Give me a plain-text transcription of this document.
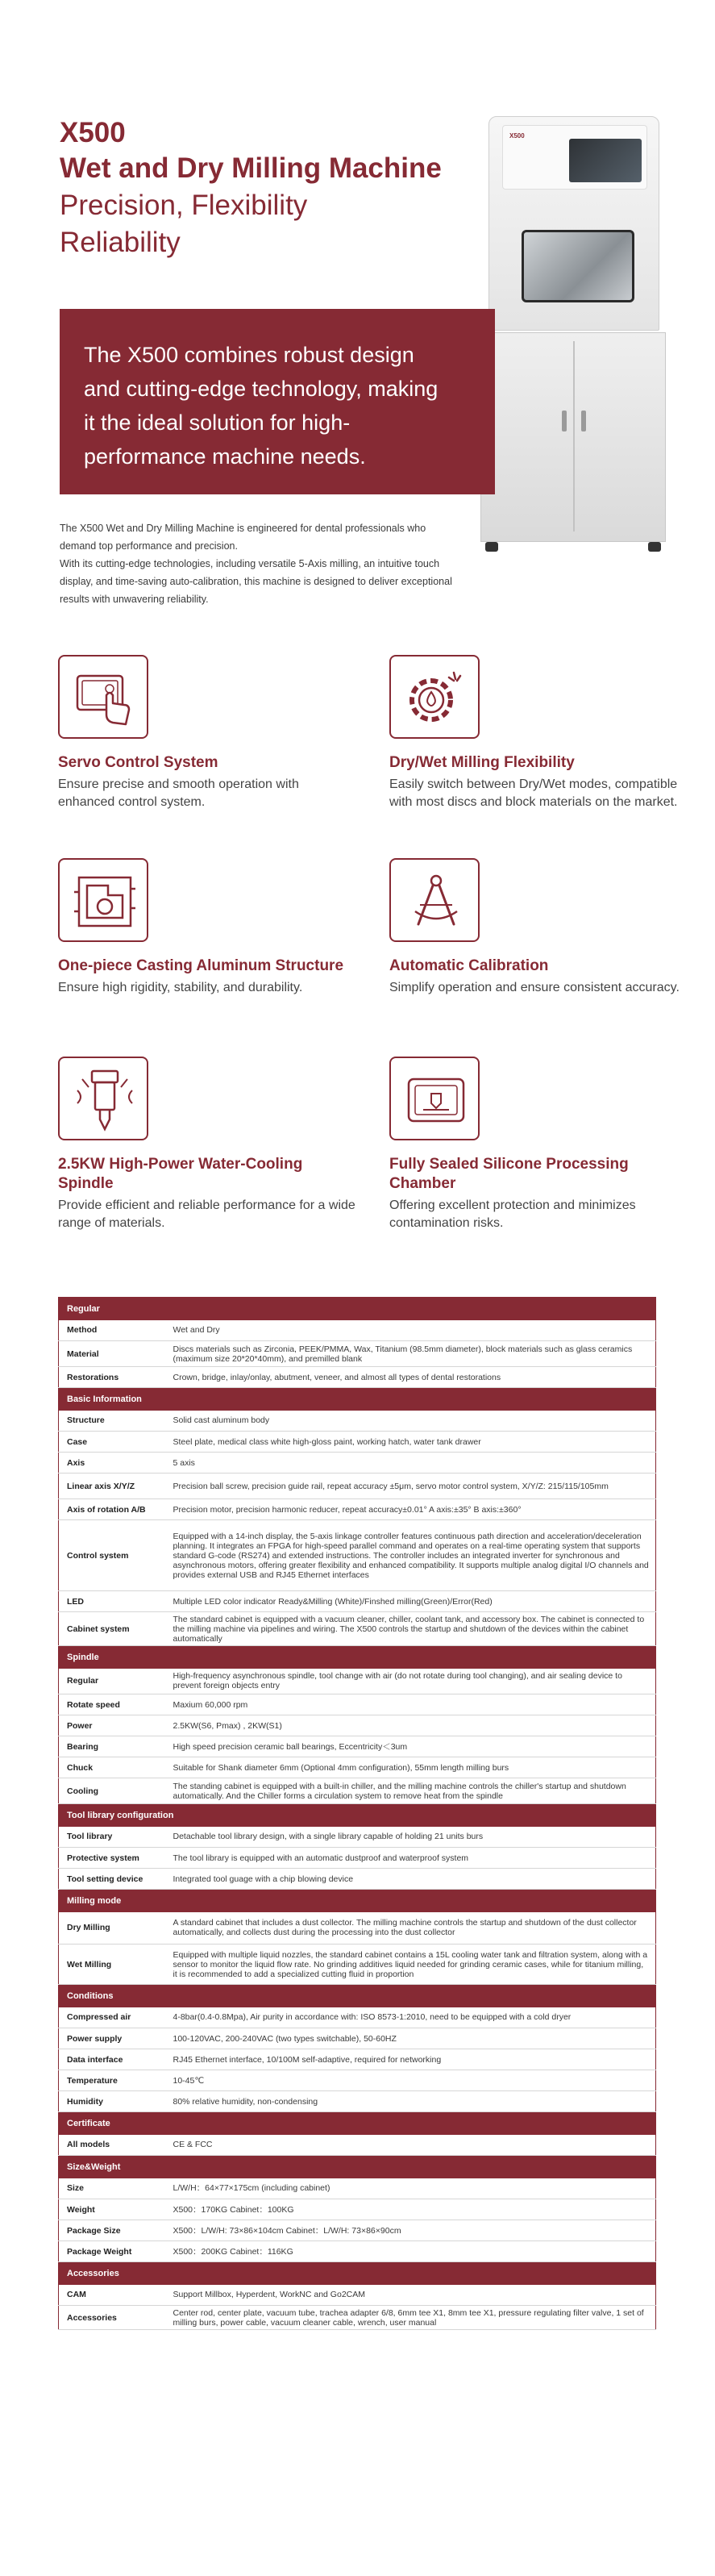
X500
Wet and Dry Milling Machine
Precision, Flexibility
Reliability
X500

The X500 combines robust design and cutting-edge technology, making it the ideal solution for high-performance machine needs.

The X500 Wet and Dry Milling Machine is engineered for dental professionals who demand top performance and precision.
With its cutting-edge technologies, including versatile 5-Axis milling, an intuitive touch display, and time-saving auto-calibration, this machine is designed to deliver exceptional results with unwavering reliability.
Servo Control System
Ensure precise and smooth operation with enhanced control system.
Dry/Wet Milling Flexibility
Easily switch between Dry/Wet modes, compatible with most discs and block materials on the market.
One-piece Casting Aluminum Structure
Ensure high rigidity, stability, and durability.
Automatic Calibration
Simplify operation and ensure consistent accuracy.
2.5KW High-Power Water-Cooling Spindle
Provide efficient and reliable performance for a wide range of materials.
Fully Sealed Silicone Processing Chamber
Offering excellent protection and minimizes contamination risks.
Regular	
Method	Wet and Dry
Material	Discs materials such as Zirconia, PEEK/PMMA, Wax, Titanium (98.5mm diameter), block materials such as glass ceramics (maximum size 20*20*40mm), and premilled blank
Restorations	Crown, bridge, inlay/onlay, abutment, veneer, and almost all types of dental restorations
Basic Information	
Structure	Solid cast aluminum body
Case	Steel plate, medical class white high-gloss paint, working hatch, water tank drawer
Axis	5 axis
Linear axis X/Y/Z	Precision ball screw, precision guide rail, repeat accuracy ±5μm, servo motor control system, X/Y/Z: 215/115/105mm
Axis of rotation A/B	Precision motor, precision harmonic reducer, repeat accuracy±0.01° A axis:±35° B axis:±360°
Control system	Equipped with a 14-inch display, the 5-axis linkage controller features continuous path direction and acceleration/deceleration planning. It integrates an FPGA for high-speed parallel command and operates on a real-time operating system that supports standard G-code (RS274) and extended instructions. The controller includes an integrated inverter for synchronous and asynchronous motors, offering greater flexibility and enhanced compatibility. It supports multiple analog digital I/O channels and provides external USB and RJ45 Ethernet interfaces
LED	Multiple LED color indicator Ready&Milling (White)/Finshed milling(Green)/Error(Red)
Cabinet system	The standard cabinet is equipped with a vacuum cleaner, chiller, coolant tank, and accessory box. The cabinet is connected to the milling machine via pipelines and wiring. The X500 controls the startup and shutdown of the devices within the cabinet automatically
Spindle	
Regular	High-frequency asynchronous spindle, tool change with air (do not rotate during tool changing), and air sealing device to prevent foreign objects entry
Rotate speed	Maxium 60,000 rpm
Power	2.5KW(S6, Pmax) , 2KW(S1)
Bearing	High speed precision ceramic ball bearings, Eccentricity＜3um
Chuck	Suitable for Shank diameter 6mm (Optional 4mm configuration), 55mm length milling burs
Cooling	The standing cabinet is equipped with a built-in chiller, and the milling machine controls the chiller's startup and shutdown automatically. And the Chiller forms a circulation system to remove heat from the spindle
Tool library configuration	
Tool library	Detachable tool library design, with a single library capable of holding 21 units burs
Protective system	The tool library is equipped with an automatic dustproof and waterproof system
Tool setting device	Integrated tool guage with a chip blowing device
Milling mode	
Dry Milling	A standard cabinet that includes a dust collector. The milling machine controls the startup and shutdown of the dust collector automatically, and collects dust during the processing into the dust collector
Wet Milling	Equipped with multiple liquid nozzles, the standard cabinet contains a 15L cooling water tank and filtration system, along with a sensor to monitor the liquid flow rate. No grinding additives liquid needed for grinding ceramic cases, while for titanium milling, it is recommended to add a specialized cutting fluid in proportion
Conditions	
Compressed air	4-8bar(0.4-0.8Mpa), Air purity in accordance with: ISO 8573-1:2010, need to be equipped with a cold dryer
Power supply	100-120VAC, 200-240VAC (two types switchable), 50-60HZ
Data interface	RJ45 Ethernet interface, 10/100M self-adaptive, required for networking
Temperature	10-45℃
Humidity	80% relative humidity, non-condensing
Certificate	
All models	CE & FCC
Size&Weight	
Size	L/W/H：64×77×175cm (including cabinet)
Weight	X500：170KG Cabinet：100KG
Package Size	X500：L/W/H: 73×86×104cm Cabinet：L/W/H: 73×86×90cm
Package Weight	X500：200KG Cabinet：116KG
Accessories	
CAM	Support Millbox, Hyperdent, WorkNC and Go2CAM
Accessories	Center rod, center plate, vacuum tube, trachea adapter 6/8, 6mm tee X1, 8mm tee X1, pressure regulating filter valve, 1 set of milling burs, power cable, vacuum cleaner cable, wrench, user manual
